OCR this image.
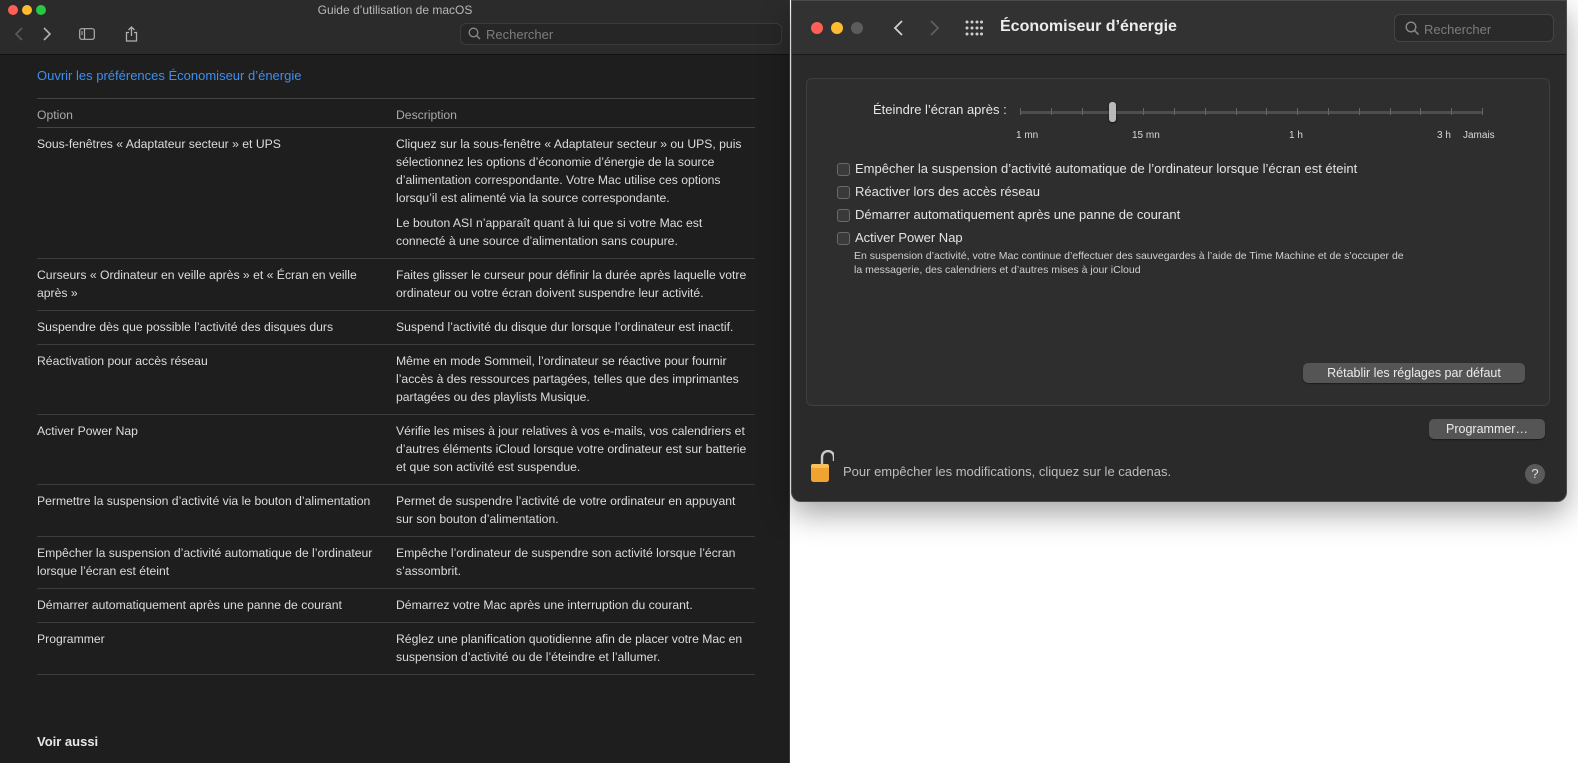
Guide d’utilisation de macOS
Rechercher
Ouvrir les préférences Économiseur d’énergie
Option	Description
Sous-fenêtres « Adaptateur secteur » et UPS	Cliquez sur la sous-fenêtre « Adaptateur secteur » ou UPS, puis sélectionnez les options d’économie d’énergie de la source d’alimentation correspondante. Votre Mac utilise ces options lorsqu’il est alimenté via la source correspondante.

Le bouton ASI n’apparaît quant à lui que si votre Mac est connecté à une source d’alimentation sans coupure.

Curseurs « Ordinateur en veille après » et « Écran en veille après »	Faites glisser le curseur pour définir la durée après laquelle votre ordinateur ou votre écran doivent suspendre leur activité.

Suspendre dès que possible l’activité des disques durs	Suspend l’activité du disque dur lorsque l’ordinateur est inactif.

Réactivation pour accès réseau	Même en mode Sommeil, l’ordinateur se réactive pour fournir l’accès à des ressources partagées, telles que des imprimantes partagées ou des playlists Musique.

Activer Power Nap	Vérifie les mises à jour relatives à vos e-mails, vos calendriers et d’autres éléments iCloud lorsque votre ordinateur est sur batterie et que son activité est suspendue.

Permettre la suspension d’activité via le bouton d’alimentation	Permet de suspendre l’activité de votre ordinateur en appuyant sur son bouton d’alimentation.

Empêcher la suspension d’activité automatique de l’ordinateur lorsque l’écran est éteint	Empêche l’ordinateur de suspendre son activité lorsque l’écran s’assombrit.

Démarrer automatiquement après une panne de courant	Démarrez votre Mac après une interruption du courant.

Programmer	Réglez une planification quotidienne afin de placer votre Mac en suspension d’activité ou de l’éteindre et l’allumer.

Voir aussi
Économiseur d’énergie
Rechercher
Éteindre l’écran après :
1 mn	15 mn	1 h	3 h Jamais
Empêcher la suspension d’activité automatique de l’ordinateur lorsque l’écran est éteint
Réactiver lors des accès réseau
Démarrer automatiquement après une panne de courant
Activer Power Nap
En suspension d’activité, votre Mac continue d’effectuer des sauvegardes à l’aide de Time Machine et de s’occuper de la messagerie, des calendriers et d’autres mises à jour iCloud
Rétablir les réglages par défaut
Programmer…
Pour empêcher les modifications, cliquez sur le cadenas.	?
